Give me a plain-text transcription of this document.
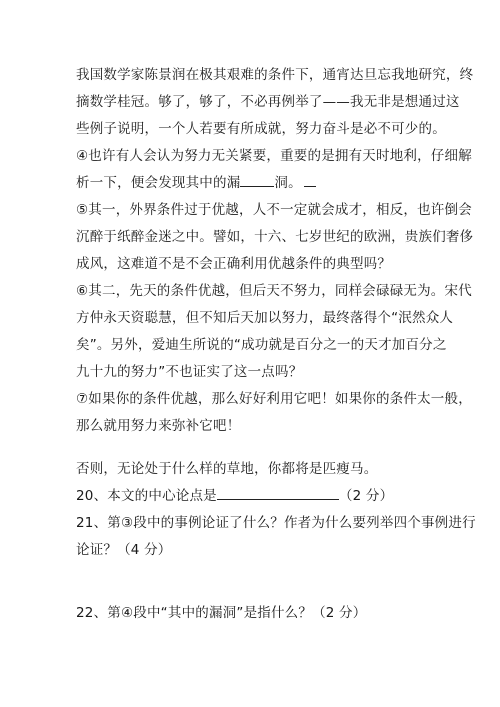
我国数学家陈景润在极其艰难的条件下，通宵达旦忘我地研究，终
摘数学桂冠。够了，够了，不必再例举了——我无非是想通过这
些例子说明，一个人若要有所成就，努力奋斗是必不可少的。
④也许有人会认为努力无关紧要，重要的是拥有天时地利，仔细解
析一下，便会发现其中的漏	洞。
⑤其一，外界条件过于优越，人不一定就会成才，相反，也许倒会
沉醉于纸醉金迷之中。譬如，十六、七岁世纪的欧洲，贵族们奢侈
成风，这难道不是不会正确利用优越条件的典型吗？
⑥其二，先天的条件优越，但后天不努力，同样会碌碌无为。宋代
方仲永天资聪慧，但不知后天加以努力，最终落得个“泯然众人
矣”。另外，爱迪生所说的“成功就是百分之一的天才加百分之
九十九的努力”不也证实了这一点吗？
⑦如果你的条件优越，那么好好利用它吧！如果你的条件太一般，
那么就用努力来弥补它吧！
否则，无论处于什么样的草地，你都将是匹瘦马。
20、本文的中心论点是	（2 分）
21、第③段中的事例论证了什么？作者为什么要列举四个事例进行
论证？（4 分）
22、第④段中“其中的漏洞”是指什么？（2 分）
